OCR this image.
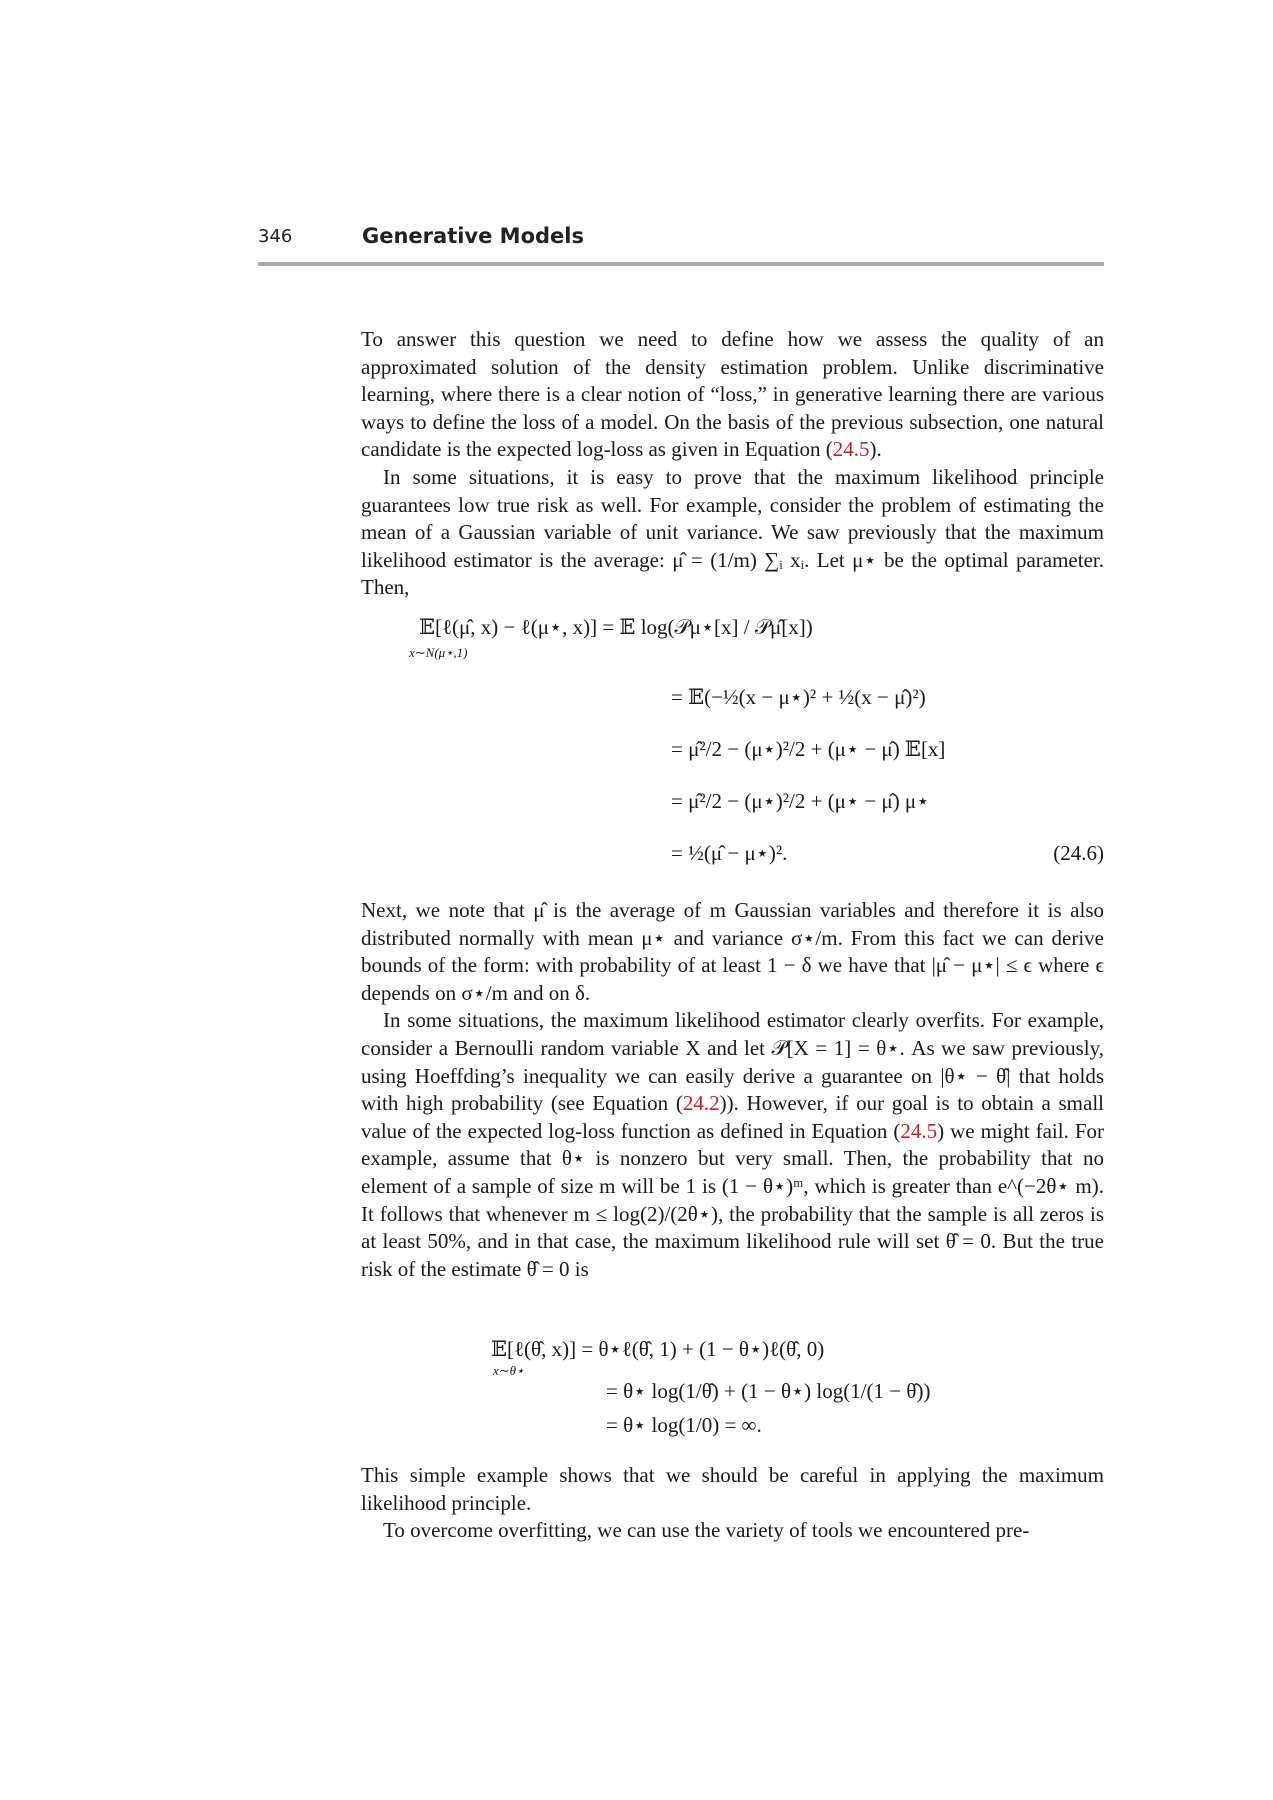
346	Generative Models

To answer this question we need to define how we assess the quality of an approximated solution of the density estimation problem. Unlike discriminative learning, where there is a clear notion of “loss,” in generative learning there are various ways to define the loss of a model. On the basis of the previous subsection, one natural candidate is the expected log-loss as given in Equation (24.5).

In some situations, it is easy to prove that the maximum likelihood principle guarantees low true risk as well. For example, consider the problem of estimating the mean of a Gaussian variable of unit variance. We saw previously that the maximum likelihood estimator is the average: μ̂ = (1/m) ∑ᵢ xᵢ. Let μ⋆ be the optimal parameter. Then,

𝔼[ℓ(μ̂, x) − ℓ(μ⋆, x)] = 𝔼 log(𝒫μ⋆[x] / 𝒫μ̂[x])
= 𝔼(−½(x − μ⋆)² + ½(x − μ̂)²)
= μ̂²/2 − (μ⋆)²/2 + (μ⋆ − μ̂) 𝔼[x]
= μ̂²/2 − (μ⋆)²/2 + (μ⋆ − μ̂) μ⋆
= ½(μ̂ − μ⋆)².
x∼N(μ⋆,1)
(24.6)

Next, we note that μ̂ is the average of m Gaussian variables and therefore it is also distributed normally with mean μ⋆ and variance σ⋆/m. From this fact we can derive bounds of the form: with probability of at least 1 − δ we have that |μ̂ − μ⋆| ≤ ϵ where ϵ depends on σ⋆/m and on δ.

In some situations, the maximum likelihood estimator clearly overfits. For example, consider a Bernoulli random variable X and let 𝒫[X = 1] = θ⋆. As we saw previously, using Hoeffding’s inequality we can easily derive a guarantee on |θ⋆ − θ̂| that holds with high probability (see Equation (24.2)). However, if our goal is to obtain a small value of the expected log-loss function as defined in Equation (24.5) we might fail. For example, assume that θ⋆ is nonzero but very small. Then, the probability that no element of a sample of size m will be 1 is (1 − θ⋆)ᵐ, which is greater than e^(−2θ⋆ m). It follows that whenever m ≤ log(2)/(2θ⋆), the probability that the sample is all zeros is at least 50%, and in that case, the maximum likelihood rule will set θ̂ = 0. But the true risk of the estimate θ̂ = 0 is

𝔼[ℓ(θ̂, x)] = θ⋆ℓ(θ̂, 1) + (1 − θ⋆)ℓ(θ̂, 0)
= θ⋆ log(1/θ̂) + (1 − θ⋆) log(1/(1 − θ̂))
= θ⋆ log(1/0) = ∞.
x∼θ⋆

This simple example shows that we should be careful in applying the maximum likelihood principle.

To overcome overfitting, we can use the variety of tools we encountered pre-
